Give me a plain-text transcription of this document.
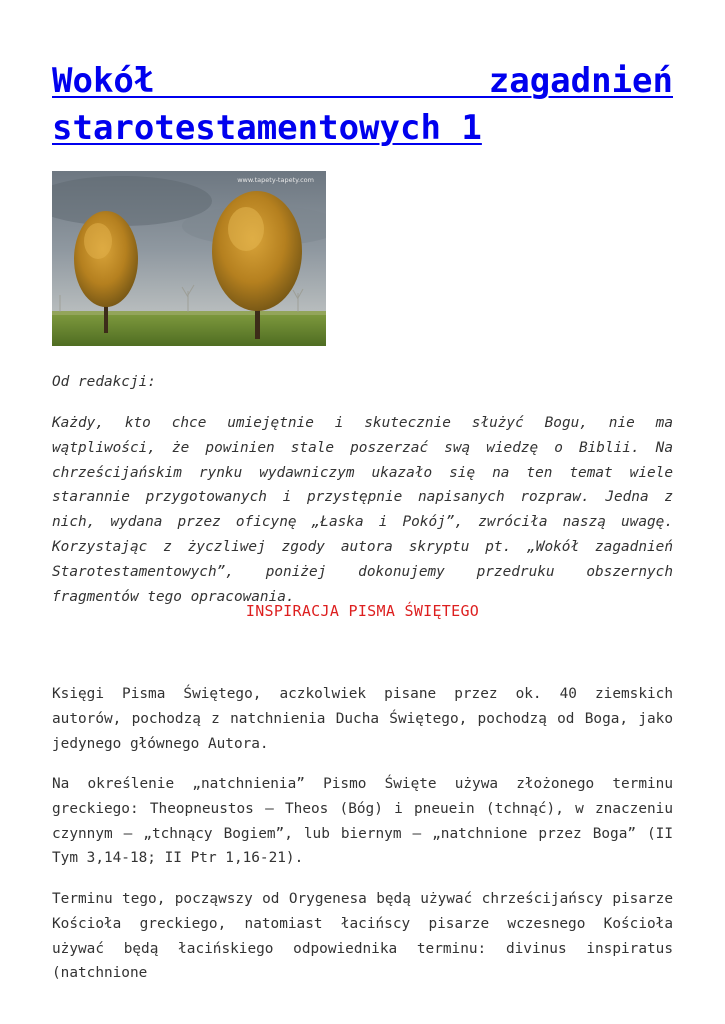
Wokół zagadnień starotestamentowych 1
www.tapety-tapety.com

Od redakcji:

Każdy, kto chce umiejętnie i skutecznie służyć Bogu, nie ma wątpliwości, że powinien stale poszerzać swą wiedzę o Biblii. Na chrześcijańskim rynku wydawniczym ukazało się na ten temat wiele starannie przygotowanych i przystępnie napisanych rozpraw. Jedna z nich, wydana przez oficynę „Łaska i Pokój”, zwróciła naszą uwagę. Korzystając z życzliwej zgody autora skryptu pt. „Wokół zagadnień Starotestamentowych”, poniżej dokonujemy przedruku obszernych fragmentów tego opracowania.

INSPIRACJA PISMA ŚWIĘTEGO

Księgi Pisma Świętego, aczkolwiek pisane przez ok. 40 ziemskich autorów, pochodzą z natchnienia Ducha Świętego, pochodzą od Boga, jako jedynego głównego Autora.

Na określenie „natchnienia” Pismo Święte używa złożonego terminu greckiego: Theopneustos – Theos (Bóg) i pneuein (tchnąć), w znaczeniu czynnym – „tchnący Bogiem”, lub biernym – „natchnione przez Boga” (II Tym 3,14-18; II Ptr 1,16-21).

Terminu tego, począwszy od Orygenesa będą używać chrześcijańscy pisarze Kościoła greckiego, natomiast łacińscy pisarze wczesnego Kościoła używać będą łacińskiego odpowiednika terminu: divinus inspiratus (natchnione
